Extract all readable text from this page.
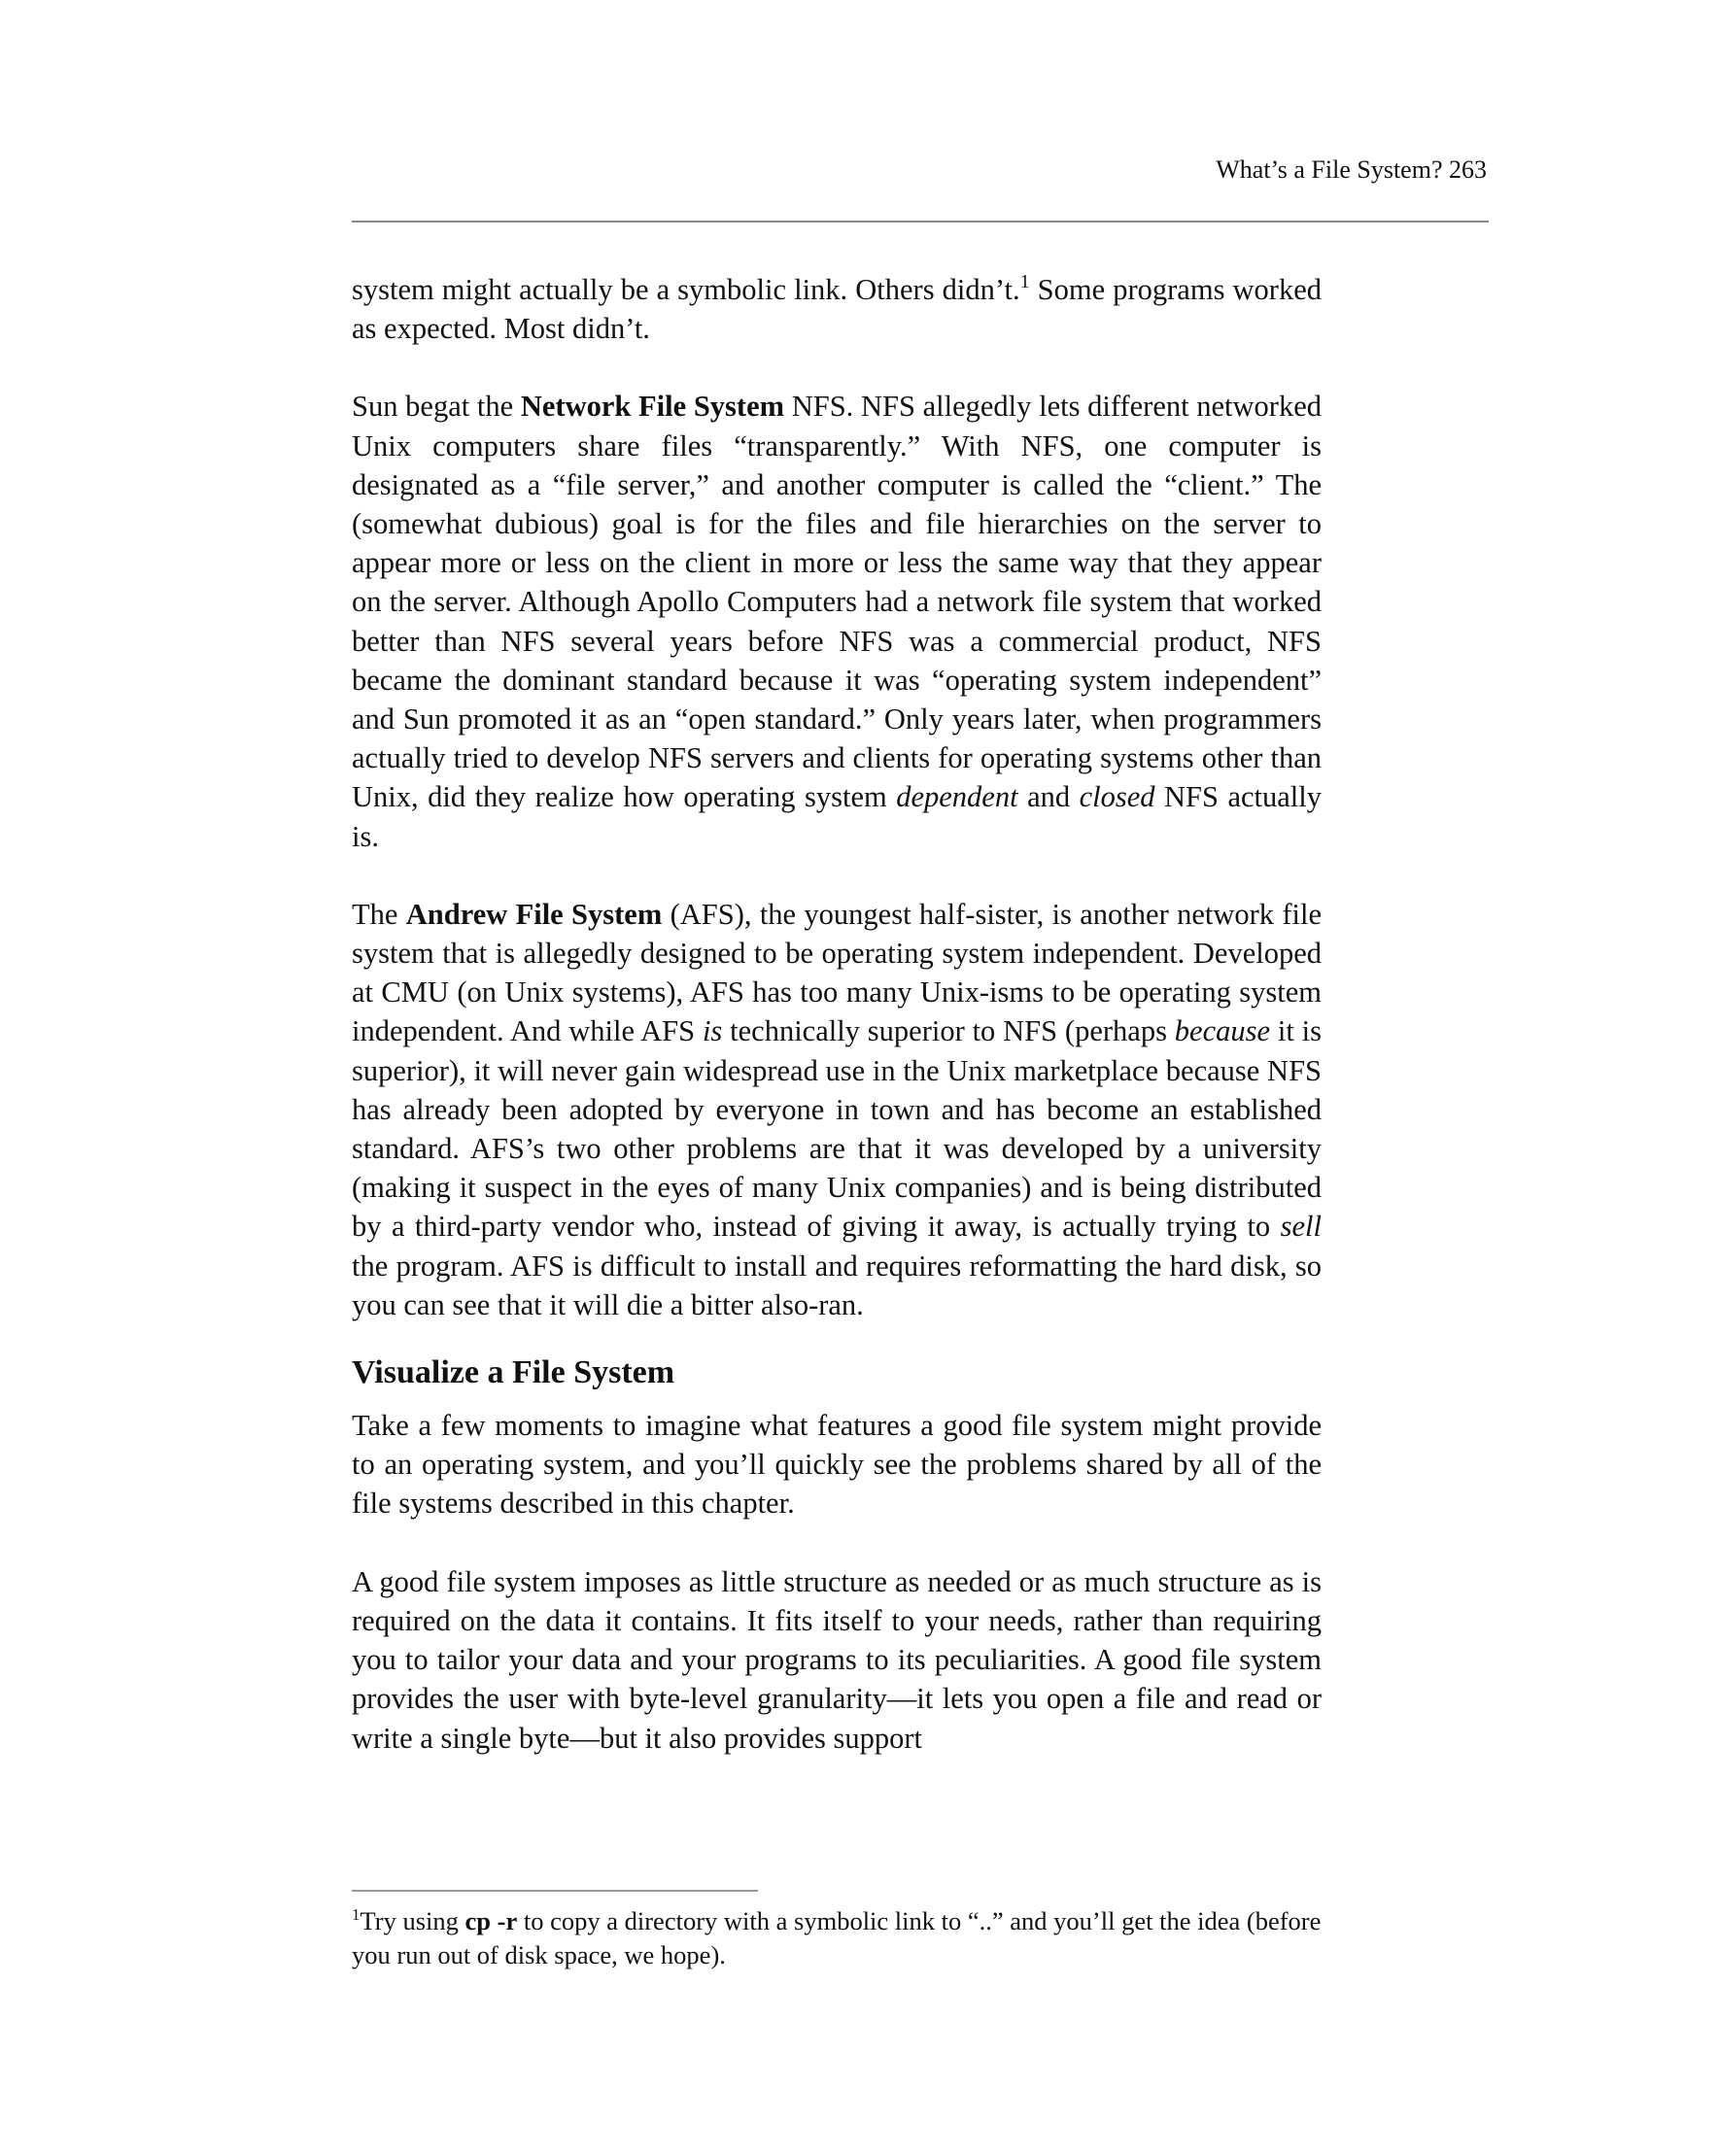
What’s a File System? 263

system might actually be a symbolic link. Others didn’t.$^1$ Some programs worked as expected. Most didn’t.

Sun begat the Network File System NFS. NFS allegedly lets different networked Unix computers share files “transparently.” With NFS, one computer is designated as a “file server,” and another computer is called the “client.” The (somewhat dubious) goal is for the files and file hierarchies on the server to appear more or less on the client in more or less the same way that they appear on the server. Although Apollo Computers had a network file system that worked better than NFS several years before NFS was a commercial product, NFS became the dominant standard because it was “operating system independent” and Sun promoted it as an “open standard.” Only years later, when programmers actually tried to develop NFS servers and clients for operating systems other than Unix, did they realize how operating system dependent and closed NFS actually is.

The Andrew File System (AFS), the youngest half-sister, is another network file system that is allegedly designed to be operating system independent. Developed at CMU (on Unix systems), AFS has too many Unix-isms to be operating system independent. And while AFS is technically superior to NFS (perhaps because it is superior), it will never gain widespread use in the Unix marketplace because NFS has already been adopted by everyone in town and has become an established standard. AFS’s two other problems are that it was developed by a university (making it suspect in the eyes of many Unix companies) and is being distributed by a third-party vendor who, instead of giving it away, is actually trying to sell the program. AFS is difficult to install and requires reformatting the hard disk, so you can see that it will die a bitter also-ran.

Visualize a File System

Take a few moments to imagine what features a good file system might provide to an operating system, and you’ll quickly see the problems shared by all of the file systems described in this chapter.

A good file system imposes as little structure as needed or as much structure as is required on the data it contains. It fits itself to your needs, rather than requiring you to tailor your data and your programs to its peculiarities. A good file system provides the user with byte-level granularity—it lets you open a file and read or write a single byte—but it also provides support

$^1$Try using cp -r to copy a directory with a symbolic link to “..” and you’ll get the idea (before you run out of disk space, we hope).
